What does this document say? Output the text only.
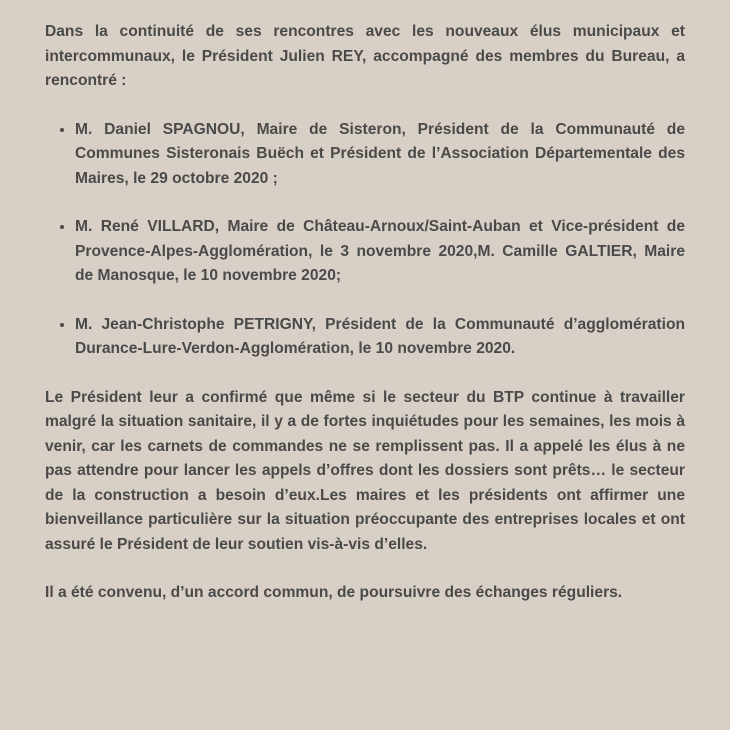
Dans la continuité de ses rencontres avec les nouveaux élus municipaux et intercommunaux, le Président Julien REY, accompagné des membres du Bureau, a rencontré :

• M. Daniel SPAGNOU, Maire de Sisteron, Président de la Communauté de Communes Sisteronais Buëch et Président de l’Association Départementale des Maires, le 29 octobre 2020 ;
• M. René VILLARD, Maire de Château-Arnoux/Saint-Auban et Vice-président de Provence-Alpes-Agglomération, le 3 novembre 2020,M. Camille GALTIER, Maire de Manosque, le 10 novembre 2020;
• M. Jean-Christophe PETRIGNY, Président de la Communauté d’agglomération Durance-Lure-Verdon-Agglomération, le 10 novembre 2020.

Le Président leur a confirmé que même si le secteur du BTP continue à travailler malgré la situation sanitaire, il y a de fortes inquiétudes pour les semaines, les mois à venir, car les carnets de commandes ne se remplissent pas. Il a appelé les élus à ne pas attendre pour lancer les appels d’offres dont les dossiers sont prêts… le secteur de la construction a besoin d’eux.Les maires et les présidents ont affirmer une bienveillance particulière sur la situation préoccupante des entreprises locales et ont assuré le Président de leur soutien vis-à-vis d’elles.

Il a été convenu, d’un accord commun, de poursuivre des échanges réguliers.
